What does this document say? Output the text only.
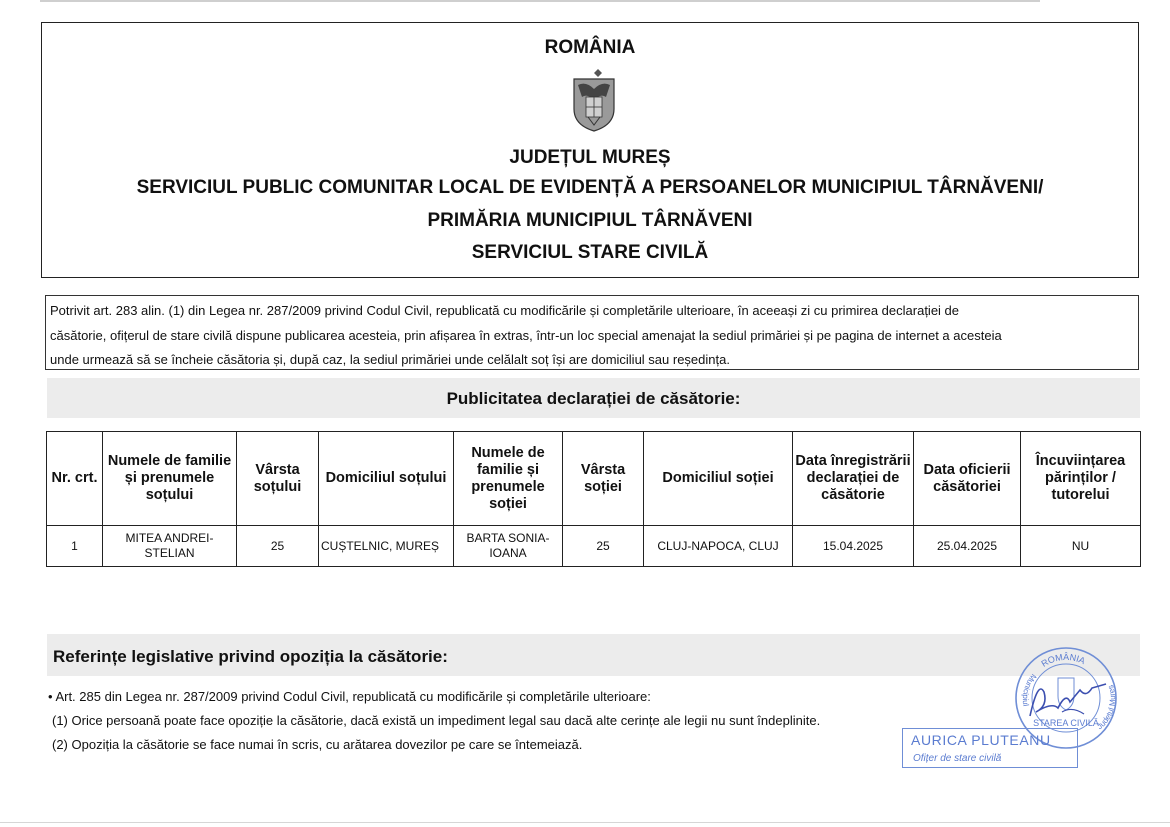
ROMÂNIA
JUDEȚUL MUREȘ
SERVICIUL PUBLIC COMUNITAR LOCAL DE EVIDENȚĂ A PERSOANELOR MUNICIPIUL TÂRNĂVENI/
PRIMĂRIA MUNICIPIUL TÂRNĂVENI
SERVICIUL STARE CIVILĂ
Potrivit art. 283 alin. (1) din Legea nr. 287/2009 privind Codul Civil, republicată cu modificările și completările ulterioare, în aceeași zi cu primirea declarației de
căsătorie, ofițerul de stare civilă dispune publicarea acesteia, prin afișarea în extras, într-un loc special amenajat la sediul primăriei și pe pagina de internet a acesteia
unde urmează să se încheie căsătoria și, după caz, la sediul primăriei unde celălalt soț își are domiciliul sau reședința.
Publicitatea declarației de căsătorie:
Nr. crt.	Numele de familie și prenumele soțului	Vârsta soțului	Domiciliul soțului	Numele de familie și prenumele soției	Vârsta soției	Domiciliul soției	Data înregistrării declarației de căsătorie	Data oficierii căsătoriei	Încuviințarea părinților / tutorelui
1	MITEA ANDREI-STELIAN	25	CUȘTELNIC, MUREȘ	BARTA SONIA-IOANA	25	CLUJ-NAPOCA, CLUJ	15.04.2025	25.04.2025	NU
Referințe legislative privind opoziția la căsătorie:
• Art. 285 din Legea nr. 287/2009 privind Codul Civil, republicată cu modificările și completările ulterioare:
(1) Orice persoană poate face opoziție la căsătorie, dacă există un impediment legal sau dacă alte cerințe ale legii nu sunt îndeplinite.
(2) Opoziția la căsătorie se face numai în scris, cu arătarea dovezilor pe care se întemeiază.
ROMÂNIA
Municipiul
Județul Mureș
STAREA CIVILĂ
AURICA PLUTEANU
Ofițer de stare civilă
